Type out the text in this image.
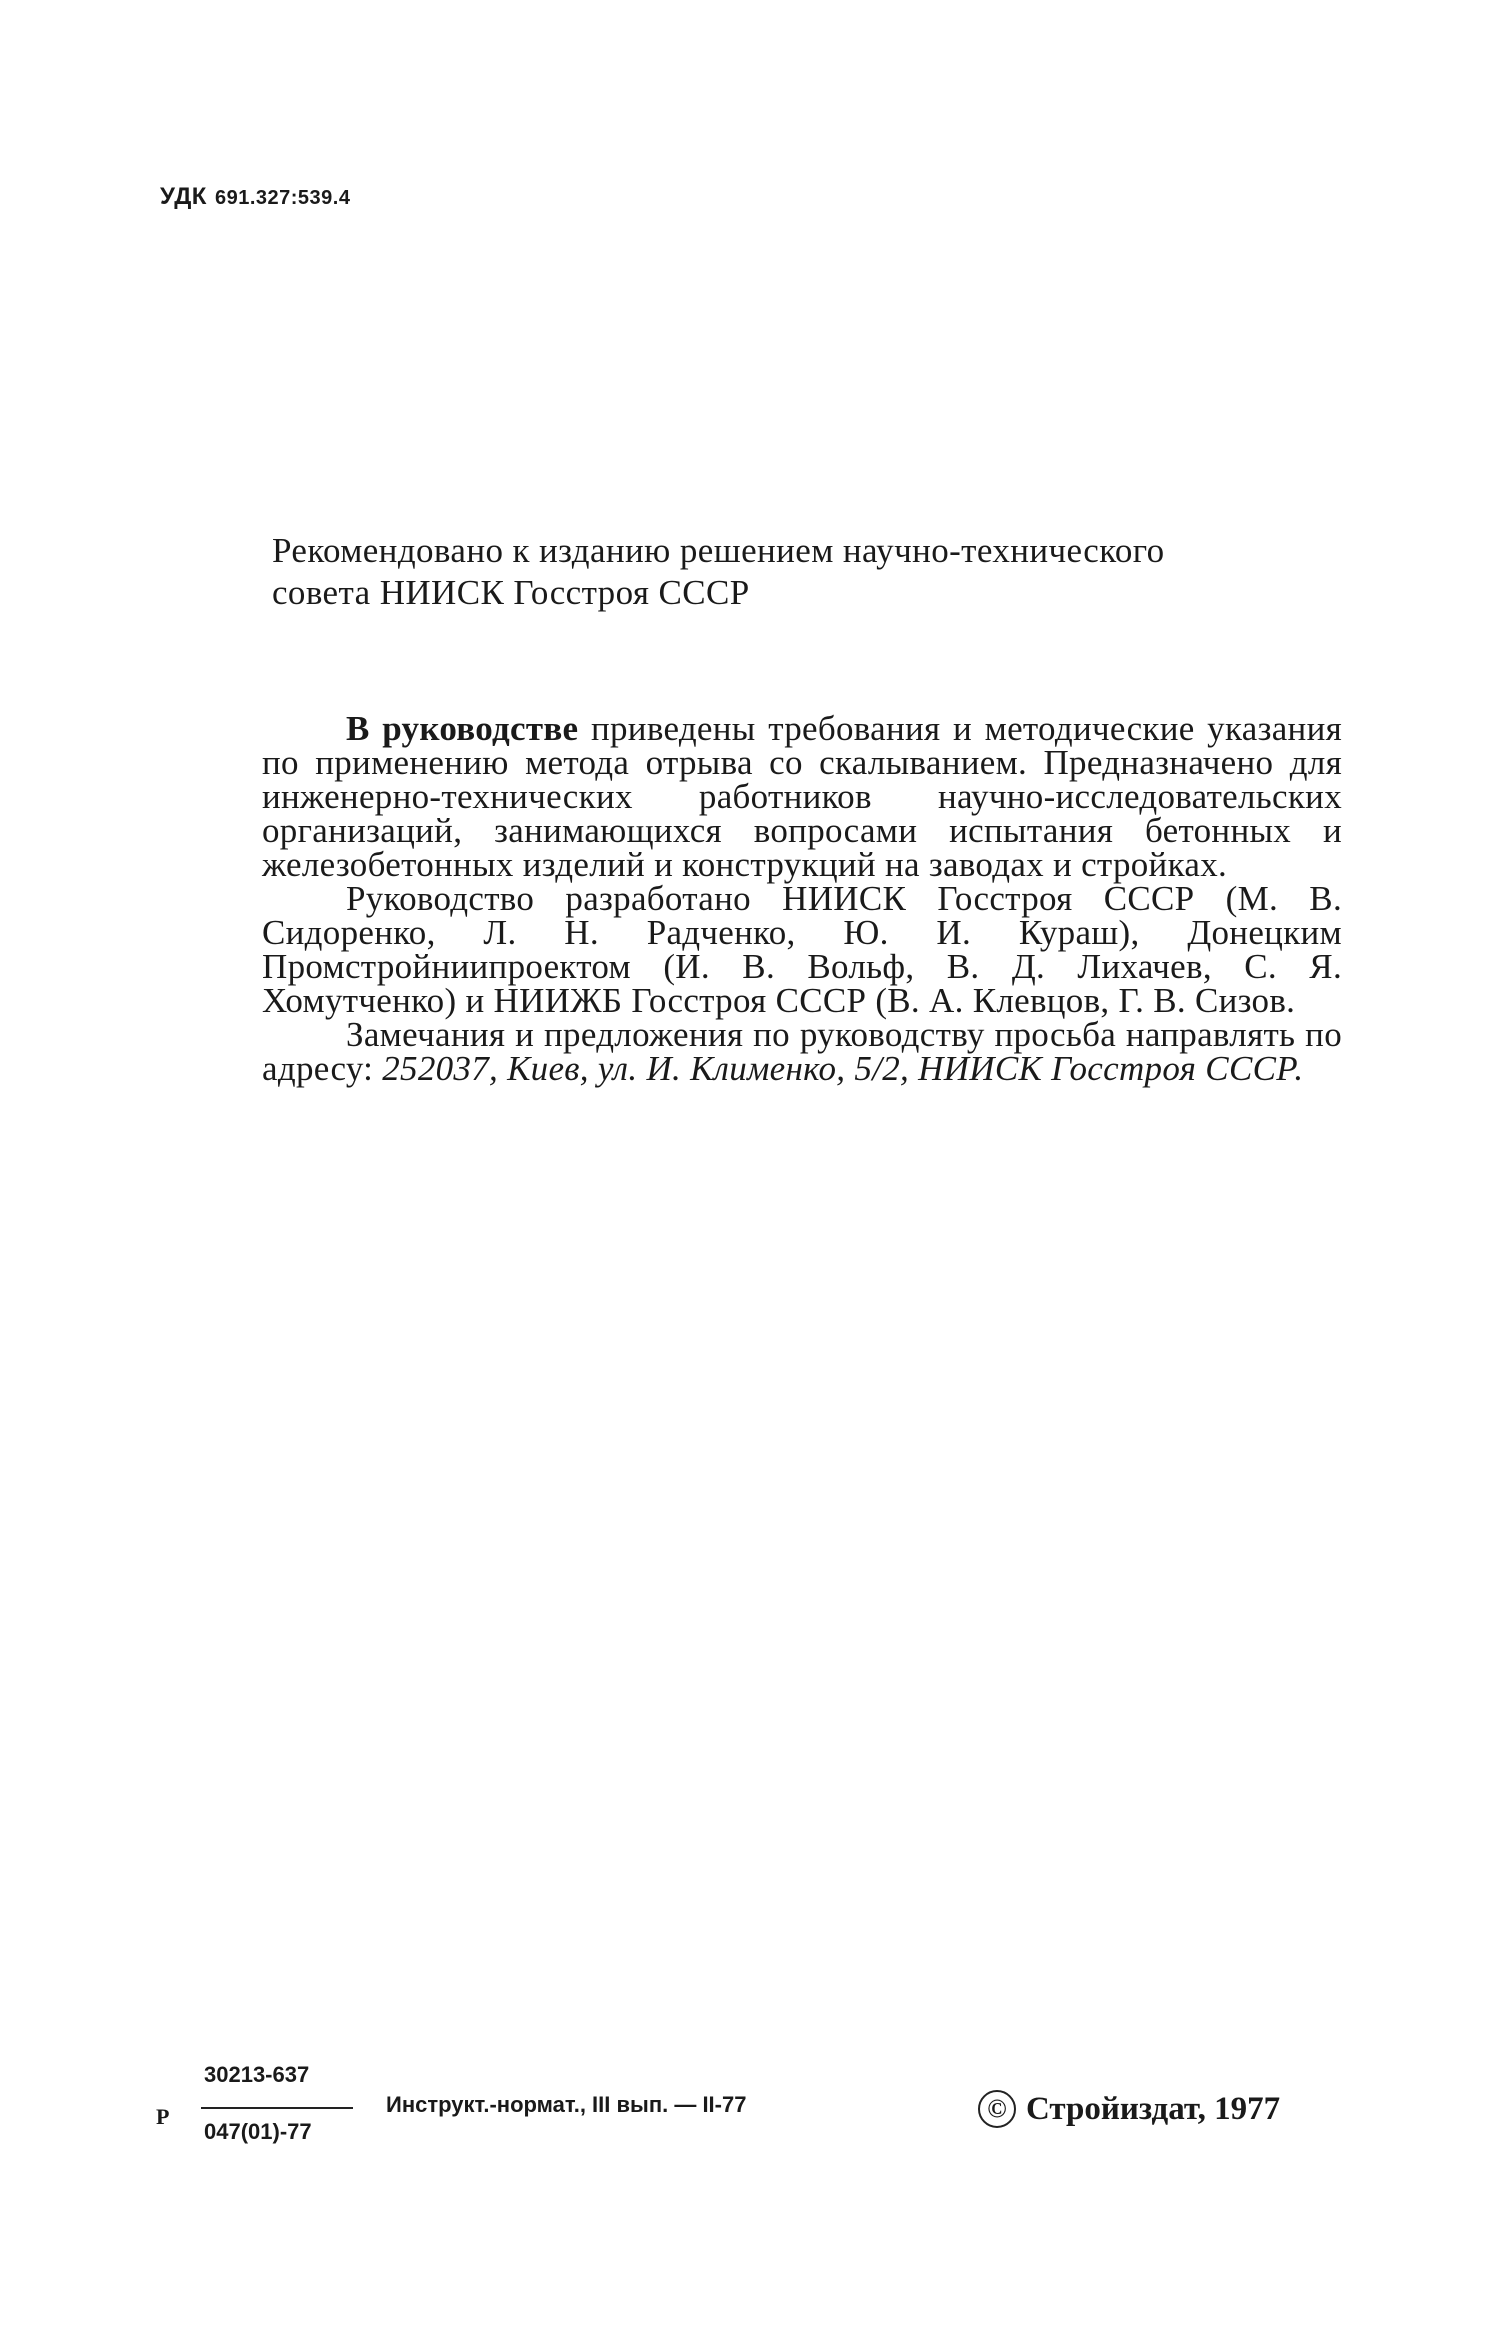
УДК 691.327:539.4

Рекомендовано к изданию решением научно-технического
совета НИИСК Госстроя СССР

В руководстве приведены требования и методические указания по применению метода отрыва со скалыванием. Предназначено для инженерно-технических работников научно-исследовательских организаций, занимающихся вопросами испытания бетонных и железобетонных изделий и конструкций на заводах и стройках.

Руководство разработано НИИСК Госстроя СССР (М. В. Сидоренко, Л. Н. Радченко, Ю. И. Кураш), Донецким Промстройниипроектом (И. В. Вольф, В. Д. Лихачев, С. Я. Хомутченко) и НИИЖБ Госстроя СССР (В. А. Клевцов, Г. В. Сизов.

Замечания и предложения по руководству просьба направлять по адресу: 252037, Киев, ул. И. Клименко, 5/2, НИИСК Госстроя СССР.

Р
30213-637
047(01)-77
Инструкт.-нормат., III вып. — II-77	© Стройиздат, 1977
